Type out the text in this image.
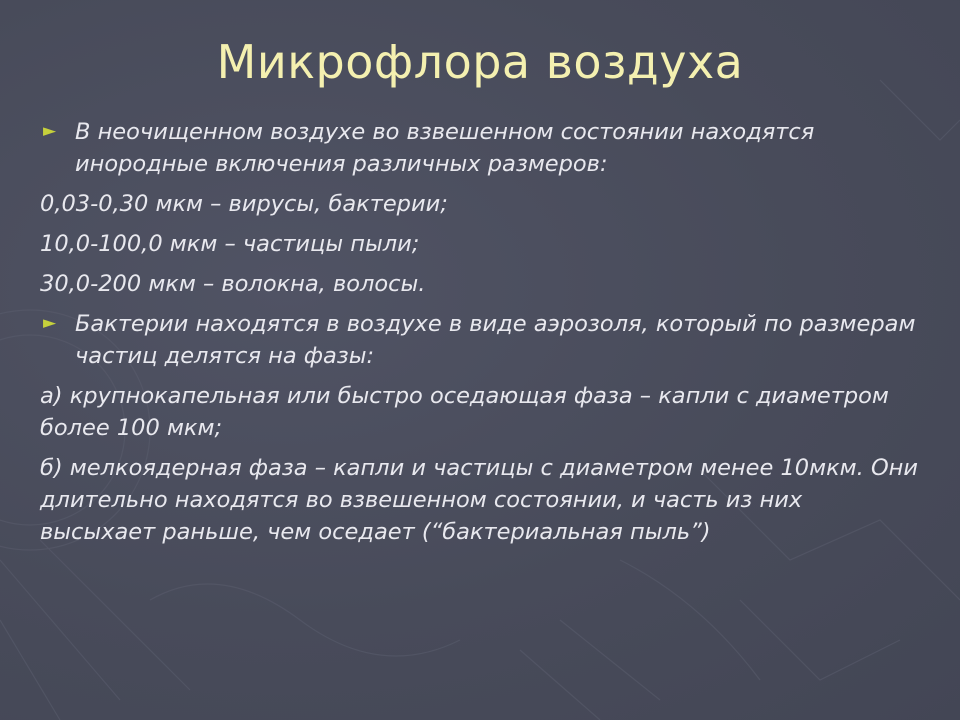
Микрофлора воздуха

► В неочищенном воздухе во взвешенном состоянии находятся инородные включения различных размеров:

0,03-0,30 мкм – вирусы, бактерии;

10,0-100,0 мкм – частицы пыли;

30,0-200 мкм – волокна, волосы.

► Бактерии находятся в воздухе в виде аэрозоля, который по размерам частиц делятся на фазы:

а) крупнокапельная или быстро оседающая фаза – капли с диаметром более 100 мкм;

б) мелкоядерная фаза – капли и частицы с диаметром менее 10мкм. Они длительно находятся во взвешенном состоянии, и часть из них высыхает раньше, чем оседает (“бактериальная пыль”)
